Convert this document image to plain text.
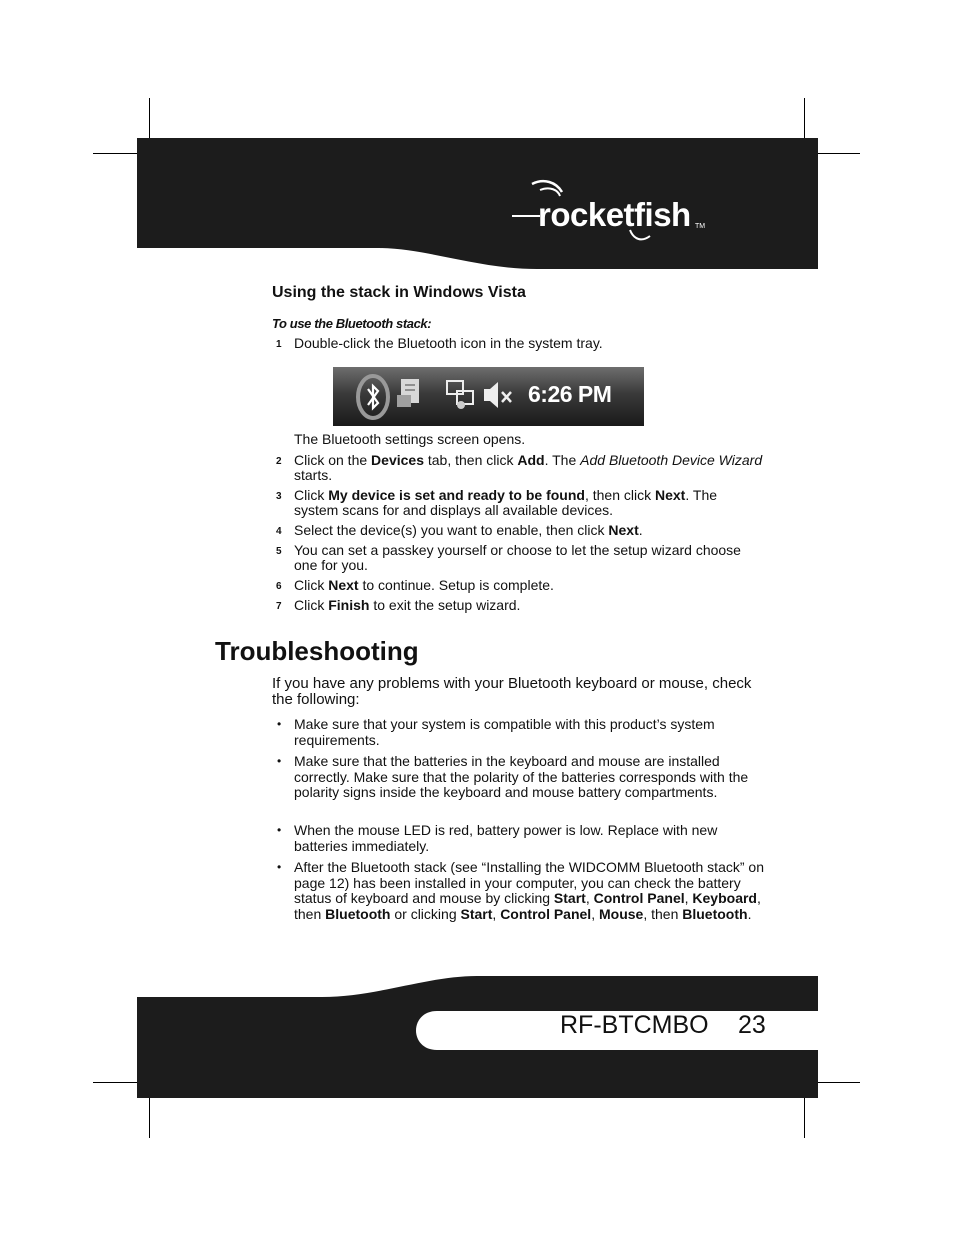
rocketfish TM
Using the stack in Windows Vista
To use the Bluetooth stack:

1 Double-click the Bluetooth icon in the system tray.

The Bluetooth settings screen opens.

2 Click on the Devices tab, then click Add. The Add Bluetooth Device Wizard starts.

3 Click My device is set and ready to be found, then click Next. The system scans for and displays all available devices.

4 Select the device(s) you want to enable, then click Next.

5 You can set a passkey yourself or choose to let the setup wizard choose one for you.

6 Click Next to continue. Setup is complete.

7 Click Finish to exit the setup wizard.

6:26 PM
Troubleshooting

If you have any problems with your Bluetooth keyboard or mouse, check the following:

• Make sure that your system is compatible with this product’s system requirements.

• Make sure that the batteries in the keyboard and mouse are installed correctly. Make sure that the polarity of the batteries corresponds with the polarity signs inside the keyboard and mouse battery compartments.

• When the mouse LED is red, battery power is low. Replace with new batteries immediately.

• After the Bluetooth stack (see “Installing the WIDCOMM Bluetooth stack” on page 12) has been installed in your computer, you can check the battery status of keyboard and mouse by clicking Start, Control Panel, Keyboard, then Bluetooth or clicking Start, Control Panel, Mouse, then Bluetooth.

RF-BTCMBO 23
